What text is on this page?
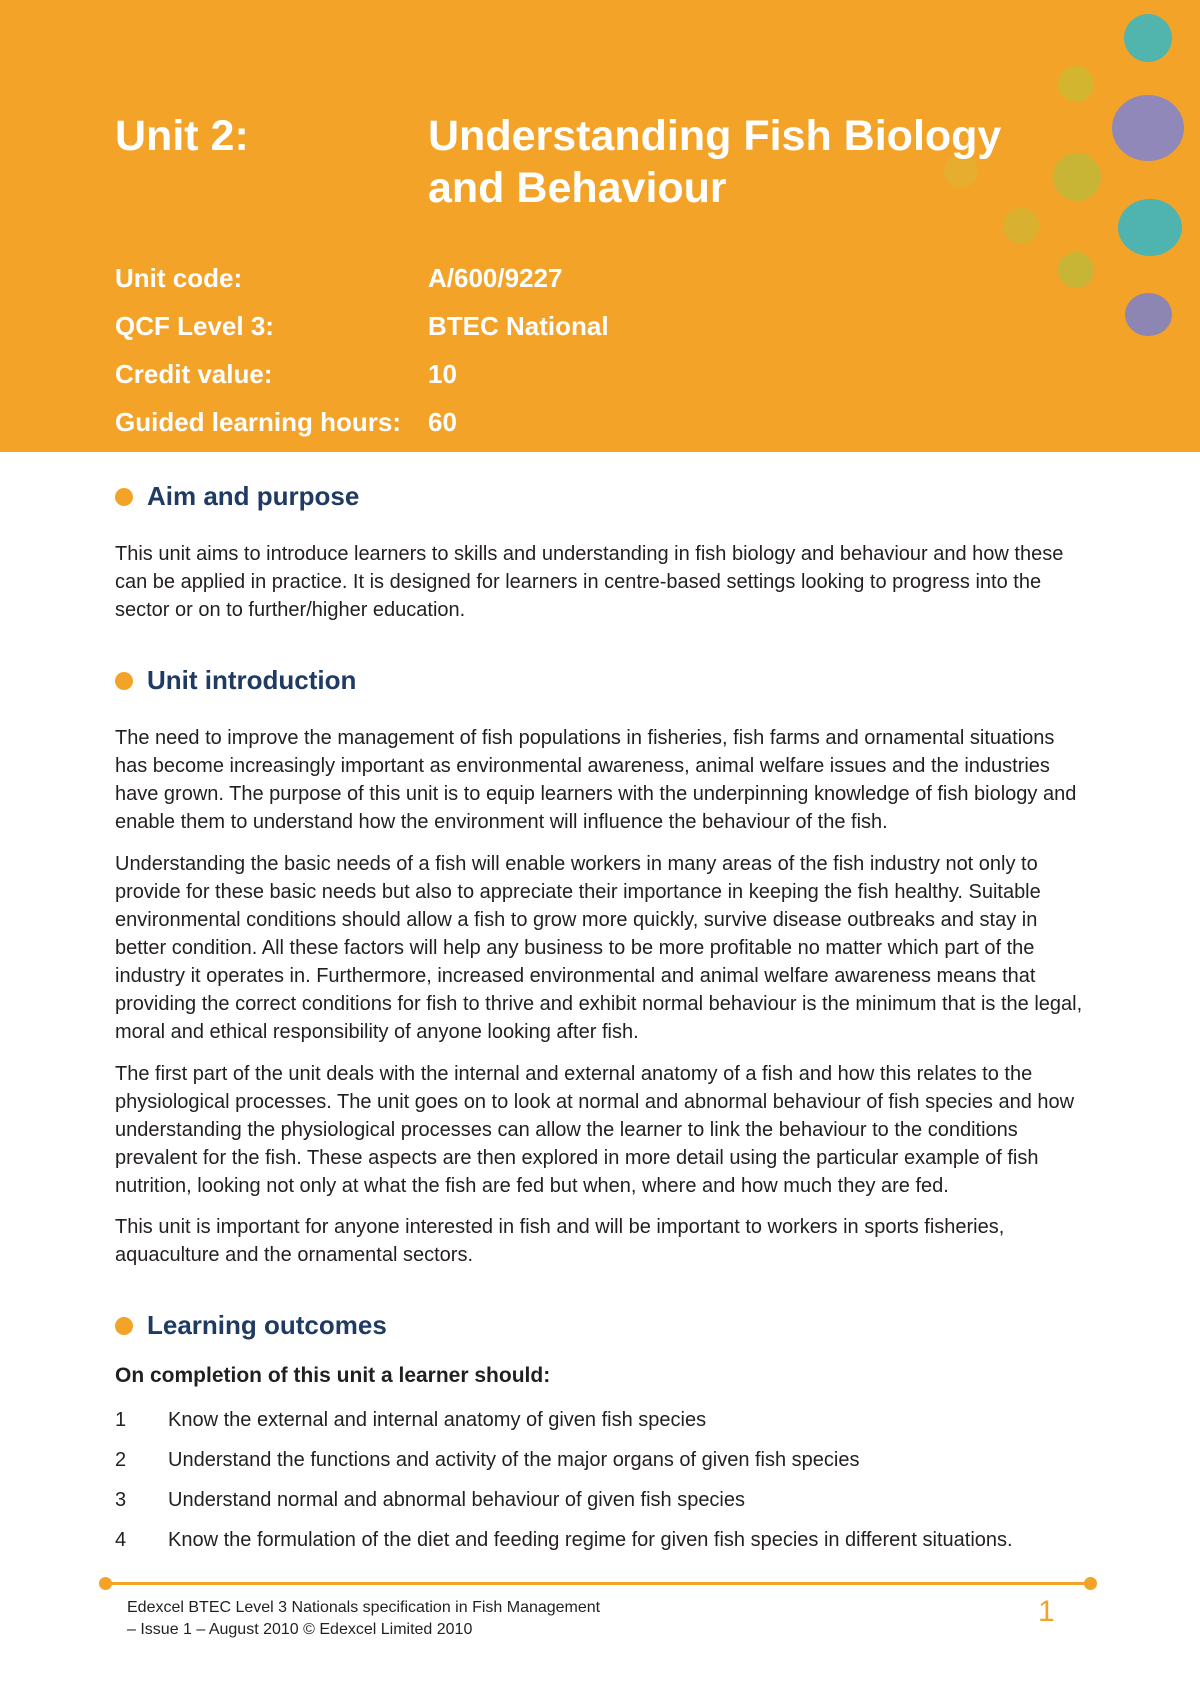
Unit 2:	Understanding Fish Biology
and Behaviour
Unit code:	A/600/9227
QCF Level 3:	BTEC National
Credit value:	10
Guided learning hours:	60
Aim and purpose

This unit aims to introduce learners to skills and understanding in fish biology and behaviour and how these can be applied in practice. It is designed for learners in centre-based settings looking to progress into the sector or on to further/higher education.

Unit introduction

The need to improve the management of fish populations in fisheries, fish farms and ornamental situations has become increasingly important as environmental awareness, animal welfare issues and the industries have grown. The purpose of this unit is to equip learners with the underpinning knowledge of fish biology and enable them to understand how the environment will influence the behaviour of the fish.

Understanding the basic needs of a fish will enable workers in many areas of the fish industry not only to provide for these basic needs but also to appreciate their importance in keeping the fish healthy. Suitable environmental conditions should allow a fish to grow more quickly, survive disease outbreaks and stay in better condition. All these factors will help any business to be more profitable no matter which part of the industry it operates in. Furthermore, increased environmental and animal welfare awareness means that providing the correct conditions for fish to thrive and exhibit normal behaviour is the minimum that is the legal, moral and ethical responsibility of anyone looking after fish.

The first part of the unit deals with the internal and external anatomy of a fish and how this relates to the physiological processes. The unit goes on to look at normal and abnormal behaviour of fish species and how understanding the physiological processes can allow the learner to link the behaviour to the conditions prevalent for the fish. These aspects are then explored in more detail using the particular example of fish nutrition, looking not only at what the fish are fed but when, where and how much they are fed.

This unit is important for anyone interested in fish and will be important to workers in sports fisheries, aquaculture and the ornamental sectors.

Learning outcomes
On completion of this unit a learner should:
1	Know the external and internal anatomy of given fish species
2	Understand the functions and activity of the major organs of given fish species
3	Understand normal and abnormal behaviour of given fish species
4	Know the formulation of the diet and feeding regime for given fish species in different situations.
Edexcel BTEC Level 3 Nationals specification in Fish Management
– Issue 1 – August 2010 © Edexcel Limited 2010
1
